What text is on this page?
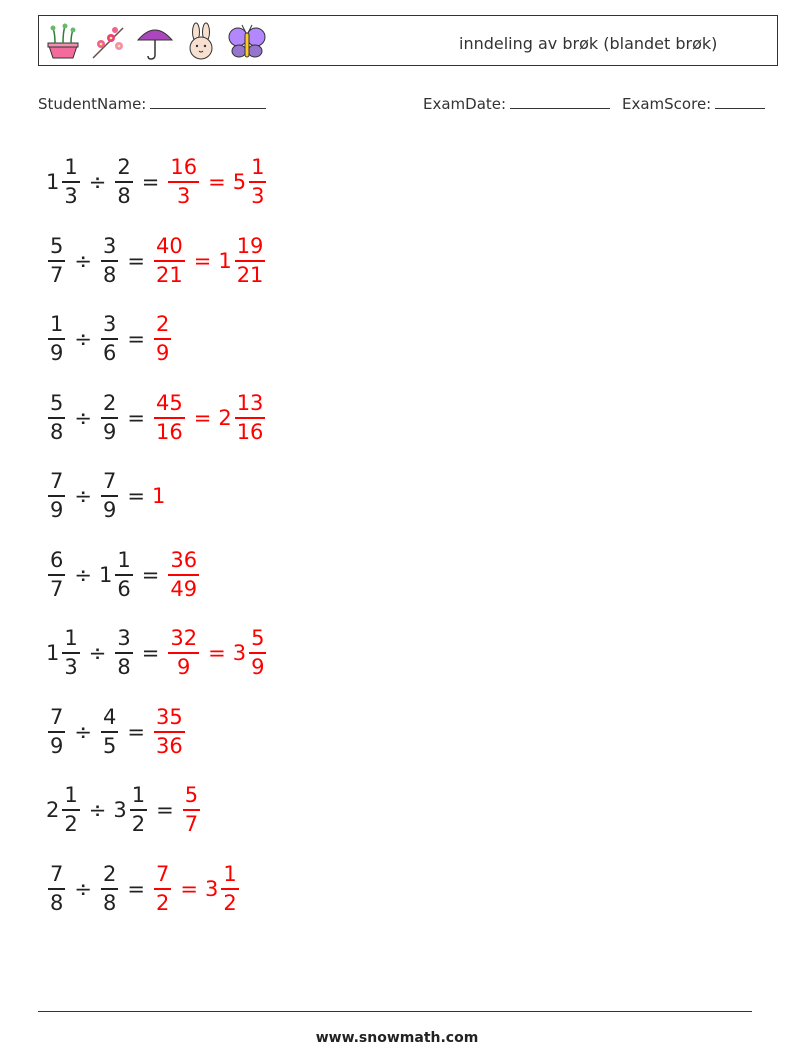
inndeling av brøk (blandet brøk)
StudentName:	ExamDate:	ExamScore:
$1 \frac{1}{3} \div \frac{2}{8} = \frac{16}{3} = 5 \frac{1}{3}$
$\frac{5}{7} \div \frac{3}{8} = \frac{40}{21} = 1 \frac{19}{21}$
$\frac{1}{9} \div \frac{3}{6} = \frac{2}{9}$
$\frac{5}{8} \div \frac{2}{9} = \frac{45}{16} = 2 \frac{13}{16}$
$\frac{7}{9} \div \frac{7}{9} = 1$
$\frac{6}{7} \div 1 \frac{1}{6} = \frac{36}{49}$
$1 \frac{1}{3} \div \frac{3}{8} = \frac{32}{9} = 3 \frac{5}{9}$
$\frac{7}{9} \div \frac{4}{5} = \frac{35}{36}$
$2 \frac{1}{2} \div 3 \frac{1}{2} = \frac{5}{7}$
$\frac{7}{8} \div \frac{2}{8} = \frac{7}{2} = 3 \frac{1}{2}$
www.snowmath.com
